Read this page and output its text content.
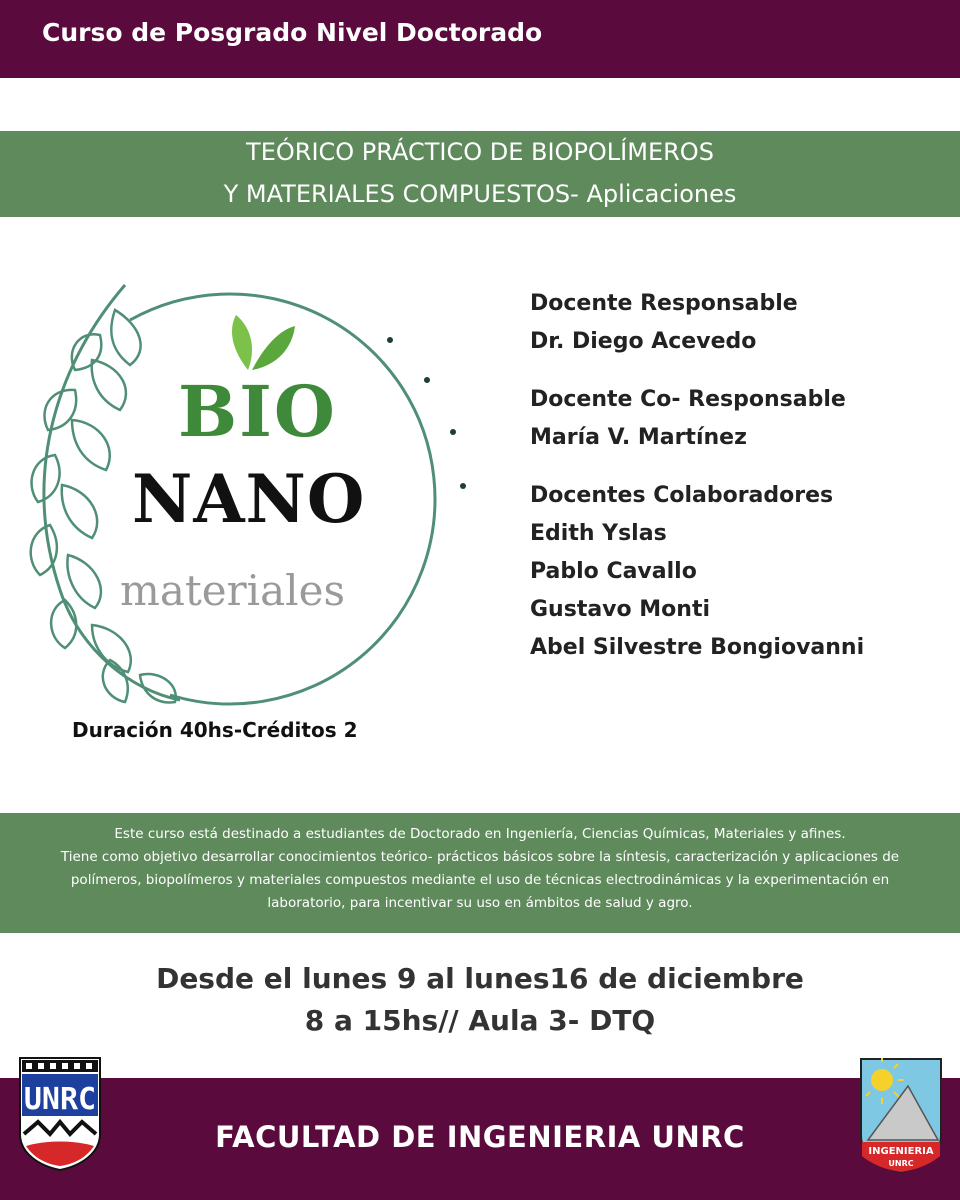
Curso de Posgrado Nivel Doctorado
TEÓRICO PRÁCTICO DE BIOPOLÍMEROS
Y MATERIALES COMPUESTOS- Aplicaciones
BIO
NANO
materiales
Duración 40hs-Créditos 2
Docente Responsable
Dr. Diego Acevedo
Docente Co- Responsable
María V. Martínez
Docentes Colaboradores
Edith Yslas
Pablo Cavallo
Gustavo Monti
Abel Silvestre Bongiovanni
Este curso está destinado a estudiantes de Doctorado en Ingeniería, Ciencias Químicas, Materiales y afines.
Tiene como objetivo desarrollar conocimientos teórico- prácticos básicos sobre la síntesis, caracterización y aplicaciones de
polímeros, biopolímeros y materiales compuestos mediante el uso de técnicas electrodinámicas y la experimentación en
laboratorio, para incentivar su uso en ámbitos de salud y agro.
Desde el lunes 9 al lunes16 de diciembre
8 a 15hs// Aula 3- DTQ
FACULTAD DE INGENIERIA UNRC
UNRC
INGENIERIA
UNRC
